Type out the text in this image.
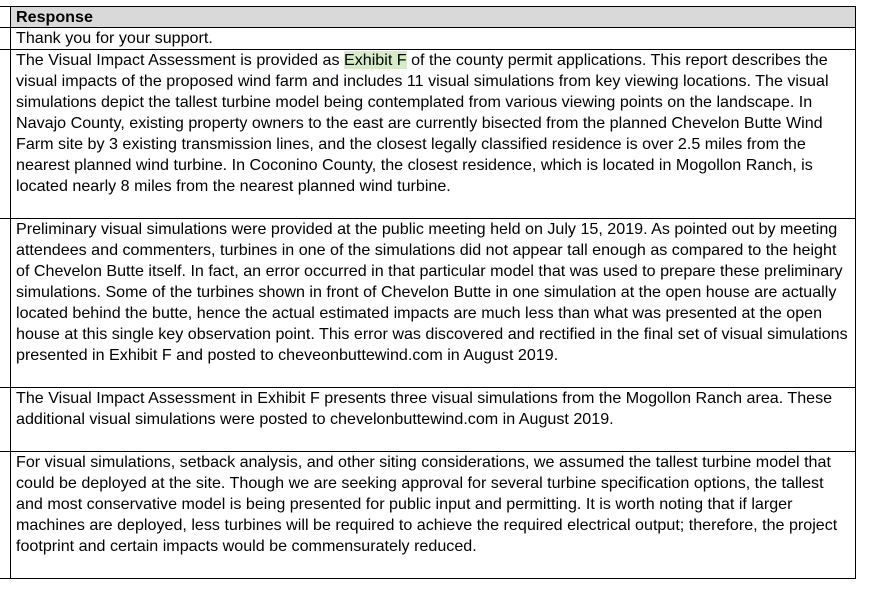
Response
Thank you for your support.
The Visual Impact Assessment is provided as Exhibit F of the county permit applications. This report describes the visual impacts of the proposed wind farm and includes 11 visual simulations from key viewing locations. The visual simulations depict the tallest turbine model being contemplated from various viewing points on the landscape. In Navajo County, existing property owners to the east are currently bisected from the planned Chevelon Butte Wind Farm site by 3 existing transmission lines, and the closest legally classified residence is over 2.5 miles from the nearest planned wind turbine. In Coconino County, the closest residence, which is located in Mogollon Ranch, is located nearly 8 miles from the nearest planned wind turbine.
Preliminary visual simulations were provided at the public meeting held on July 15, 2019. As pointed out by meeting attendees and commenters, turbines in one of the simulations did not appear tall enough as compared to the height of Chevelon Butte itself. In fact, an error occurred in that particular model that was used to prepare these preliminary simulations. Some of the turbines shown in front of Chevelon Butte in one simulation at the open house are actually located behind the butte, hence the actual estimated impacts are much less than what was presented at the open house at this single key observation point. This error was discovered and rectified in the final set of visual simulations presented in Exhibit F and posted to cheveonbuttewind.com in August 2019.
The Visual Impact Assessment in Exhibit F presents three visual simulations from the Mogollon Ranch area. These additional visual simulations were posted to chevelonbuttewind.com in August 2019.
For visual simulations, setback analysis, and other siting considerations, we assumed the tallest turbine model that could be deployed at the site. Though we are seeking approval for several turbine specification options, the tallest and most conservative model is being presented for public input and permitting. It is worth noting that if larger machines are deployed, less turbines will be required to achieve the required electrical output; therefore, the project footprint and certain impacts would be commensurately reduced.
